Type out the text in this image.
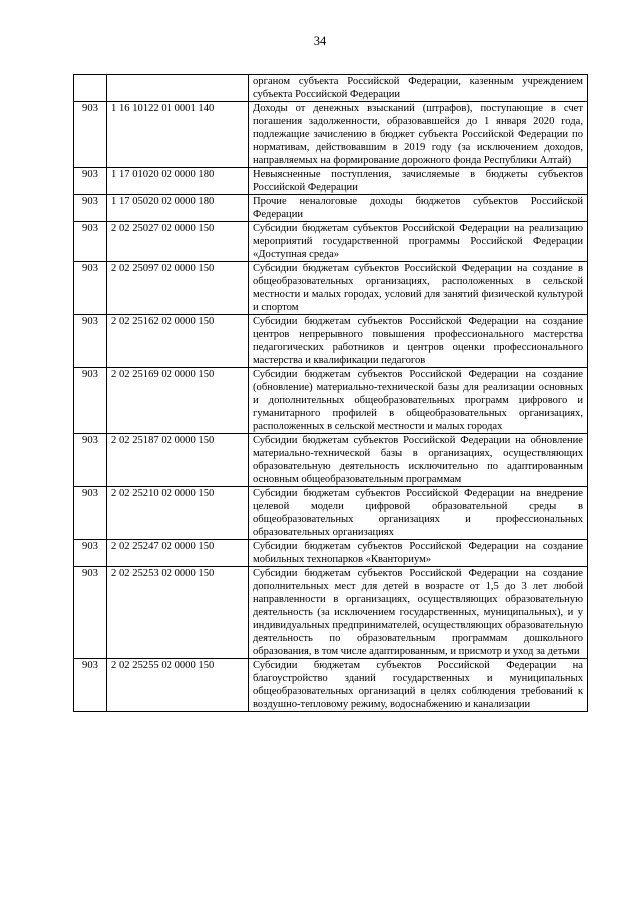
34
		органом субъекта Российской Федерации, казенным учреждением субъекта Российской Федерации
903	1 16 10122 01 0001 140	Доходы от денежных взысканий (штрафов), поступающие в счет погашения задолженности, образовавшейся до 1 января 2020 года, подлежащие зачислению в бюджет субъекта Российской Федерации по нормативам, действовавшим в 2019 году (за исключением доходов, направляемых на формирование дорожного фонда Республики Алтай)
903	1 17 01020 02 0000 180	Невыясненные поступления, зачисляемые в бюджеты субъектов Российской Федерации
903	1 17 05020 02 0000 180	Прочие неналоговые доходы бюджетов субъектов Российской Федерации
903	2 02 25027 02 0000 150	Субсидии бюджетам субъектов Российской Федерации на реализацию мероприятий государственной программы Российской Федерации «Доступная среда»
903	2 02 25097 02 0000 150	Субсидии бюджетам субъектов Российской Федерации на создание в общеобразовательных организациях, расположенных в сельской местности и малых городах, условий для занятий физической культурой и спортом
903	2 02 25162 02 0000 150	Субсидии бюджетам субъектов Российской Федерации на создание центров непрерывного повышения профессионального мастерства педагогических работников и центров оценки профессионального мастерства и квалификации педагогов
903	2 02 25169 02 0000 150	Субсидии бюджетам субъектов Российской Федерации на создание (обновление) материально-технической базы для реализации основных и дополнительных общеобразовательных программ цифрового и гуманитарного профилей в общеобразовательных организациях, расположенных в сельской местности и малых городах
903	2 02 25187 02 0000 150	Субсидии бюджетам субъектов Российской Федерации на обновление материально-технической базы в организациях, осуществляющих образовательную деятельность исключительно по адаптированным основным общеобразовательным программам
903	2 02 25210 02 0000 150	Субсидии бюджетам субъектов Российской Федерации на внедрение целевой модели цифровой образовательной среды в общеобразовательных организациях и профессиональных образовательных организациях
903	2 02 25247 02 0000 150	Субсидии бюджетам субъектов Российской Федерации на создание мобильных технопарков «Кванториум»
903	2 02 25253 02 0000 150	Субсидии бюджетам субъектов Российской Федерации на создание дополнительных мест для детей в возрасте от 1,5 до 3 лет любой направленности в организациях, осуществляющих образовательную деятельность (за исключением государственных, муниципальных), и у индивидуальных предпринимателей, осуществляющих образовательную деятельность по образовательным программам дошкольного образования, в том числе адаптированным, и присмотр и уход за детьми
903	2 02 25255 02 0000 150	Субсидии бюджетам субъектов Российской Федерации на благоустройство зданий государственных и муниципальных общеобразовательных организаций в целях соблюдения требований к воздушно-тепловому режиму, водоснабжению и канализации
